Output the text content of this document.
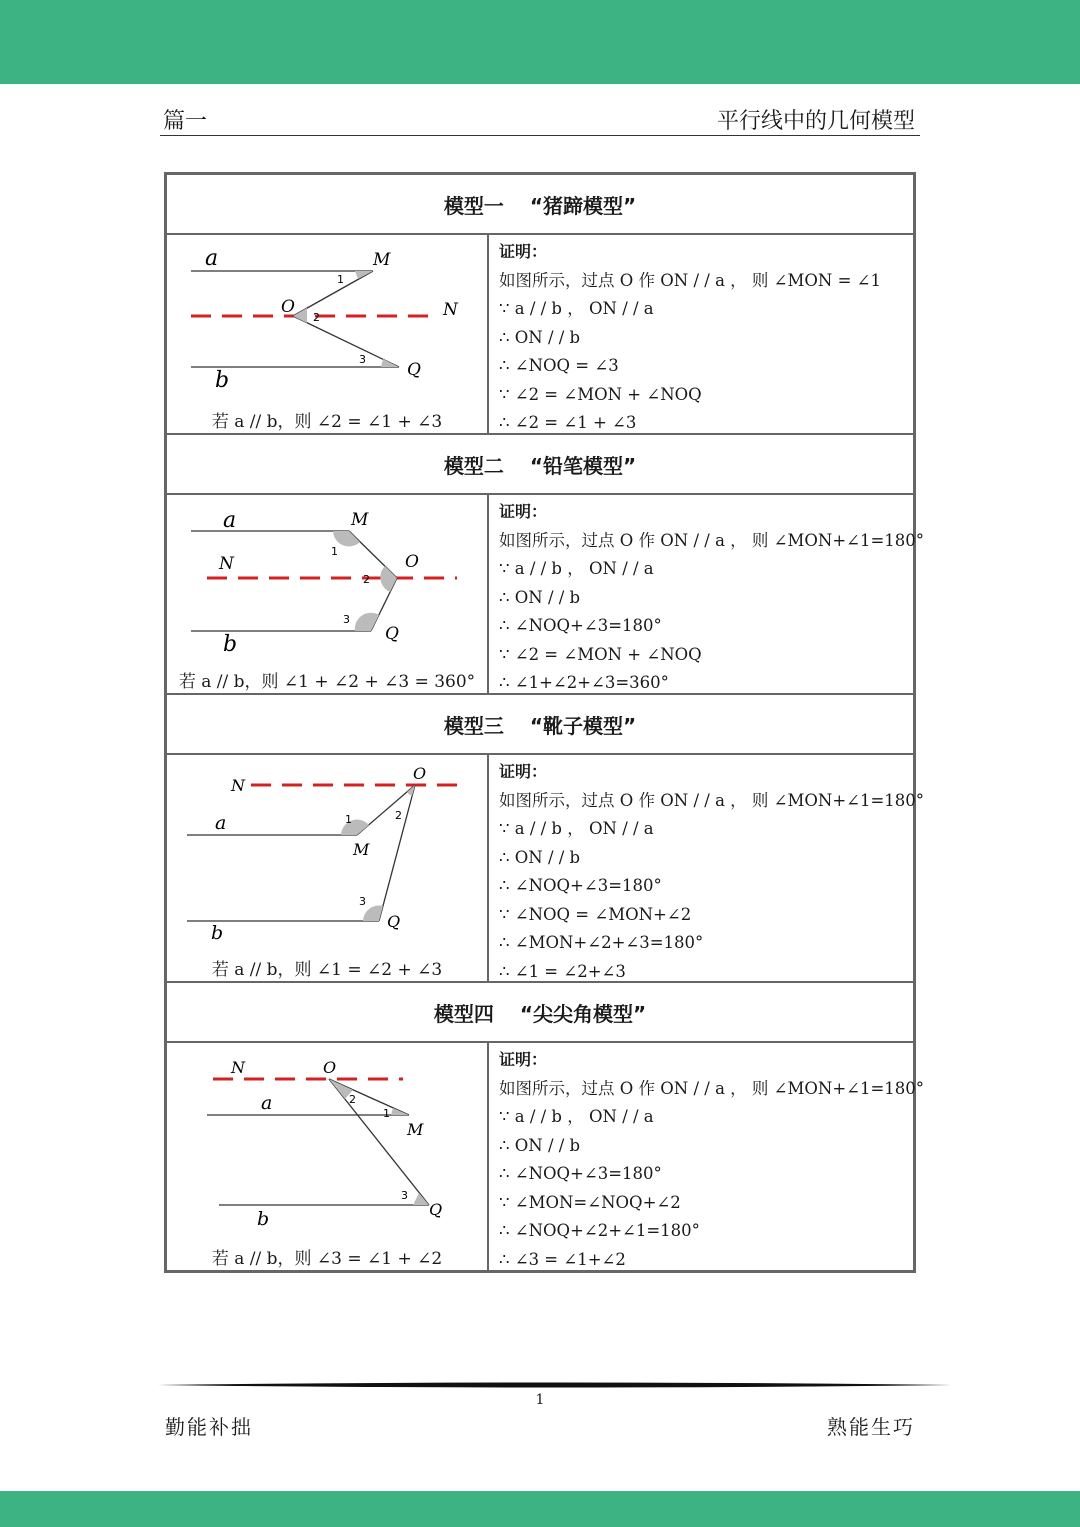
篇一	平行线中的几何模型
模型一 “猪蹄模型”
a
b
M
N
O
Q
1
2
3
若 a // b，则 ∠2 = ∠1 + ∠3
证明：
如图所示，过点 O 作 ON / / a ， 则 ∠MON = ∠1
∵ a / / b ， ON / / a
∴ ON / / b
∴ ∠NOQ = ∠3
∵ ∠2 = ∠MON + ∠NOQ
∴ ∠2 = ∠1 + ∠3
模型二 “铅笔模型”
a
b
M
N	O
Q
1
2
3
若 a // b，则 ∠1 + ∠2 + ∠3 = 360°
证明：
如图所示，过点 O 作 ON / / a ， 则 ∠MON+∠1=180°
∵ a / / b ， ON / / a
∴ ON / / b
∴ ∠NOQ+∠3=180°
∵ ∠2 = ∠MON + ∠NOQ
∴ ∠1+∠2+∠3=360°
模型三 “靴子模型”
N
O
a
b
M
Q
1	2
3
若 a // b，则 ∠1 = ∠2 + ∠3
证明：
如图所示，过点 O 作 ON / / a ， 则 ∠MON+∠1=180°
∵ a / / b ， ON / / a
∴ ON / / b
∴ ∠NOQ+∠3=180°
∵ ∠NOQ = ∠MON+∠2
∴ ∠MON+∠2+∠3=180°
∴ ∠1 = ∠2+∠3
模型四 “尖尖角模型”
N	O
a
b
M
Q
1
2
3
若 a // b，则 ∠3 = ∠1 + ∠2
证明：
如图所示，过点 O 作 ON / / a ， 则 ∠MON+∠1=180°
∵ a / / b ， ON / / a
∴ ON / / b
∴ ∠NOQ+∠3=180°
∵ ∠MON=∠NOQ+∠2
∴ ∠NOQ+∠2+∠1=180°
∴ ∠3 = ∠1+∠2
1
勤能补拙	熟能生巧
